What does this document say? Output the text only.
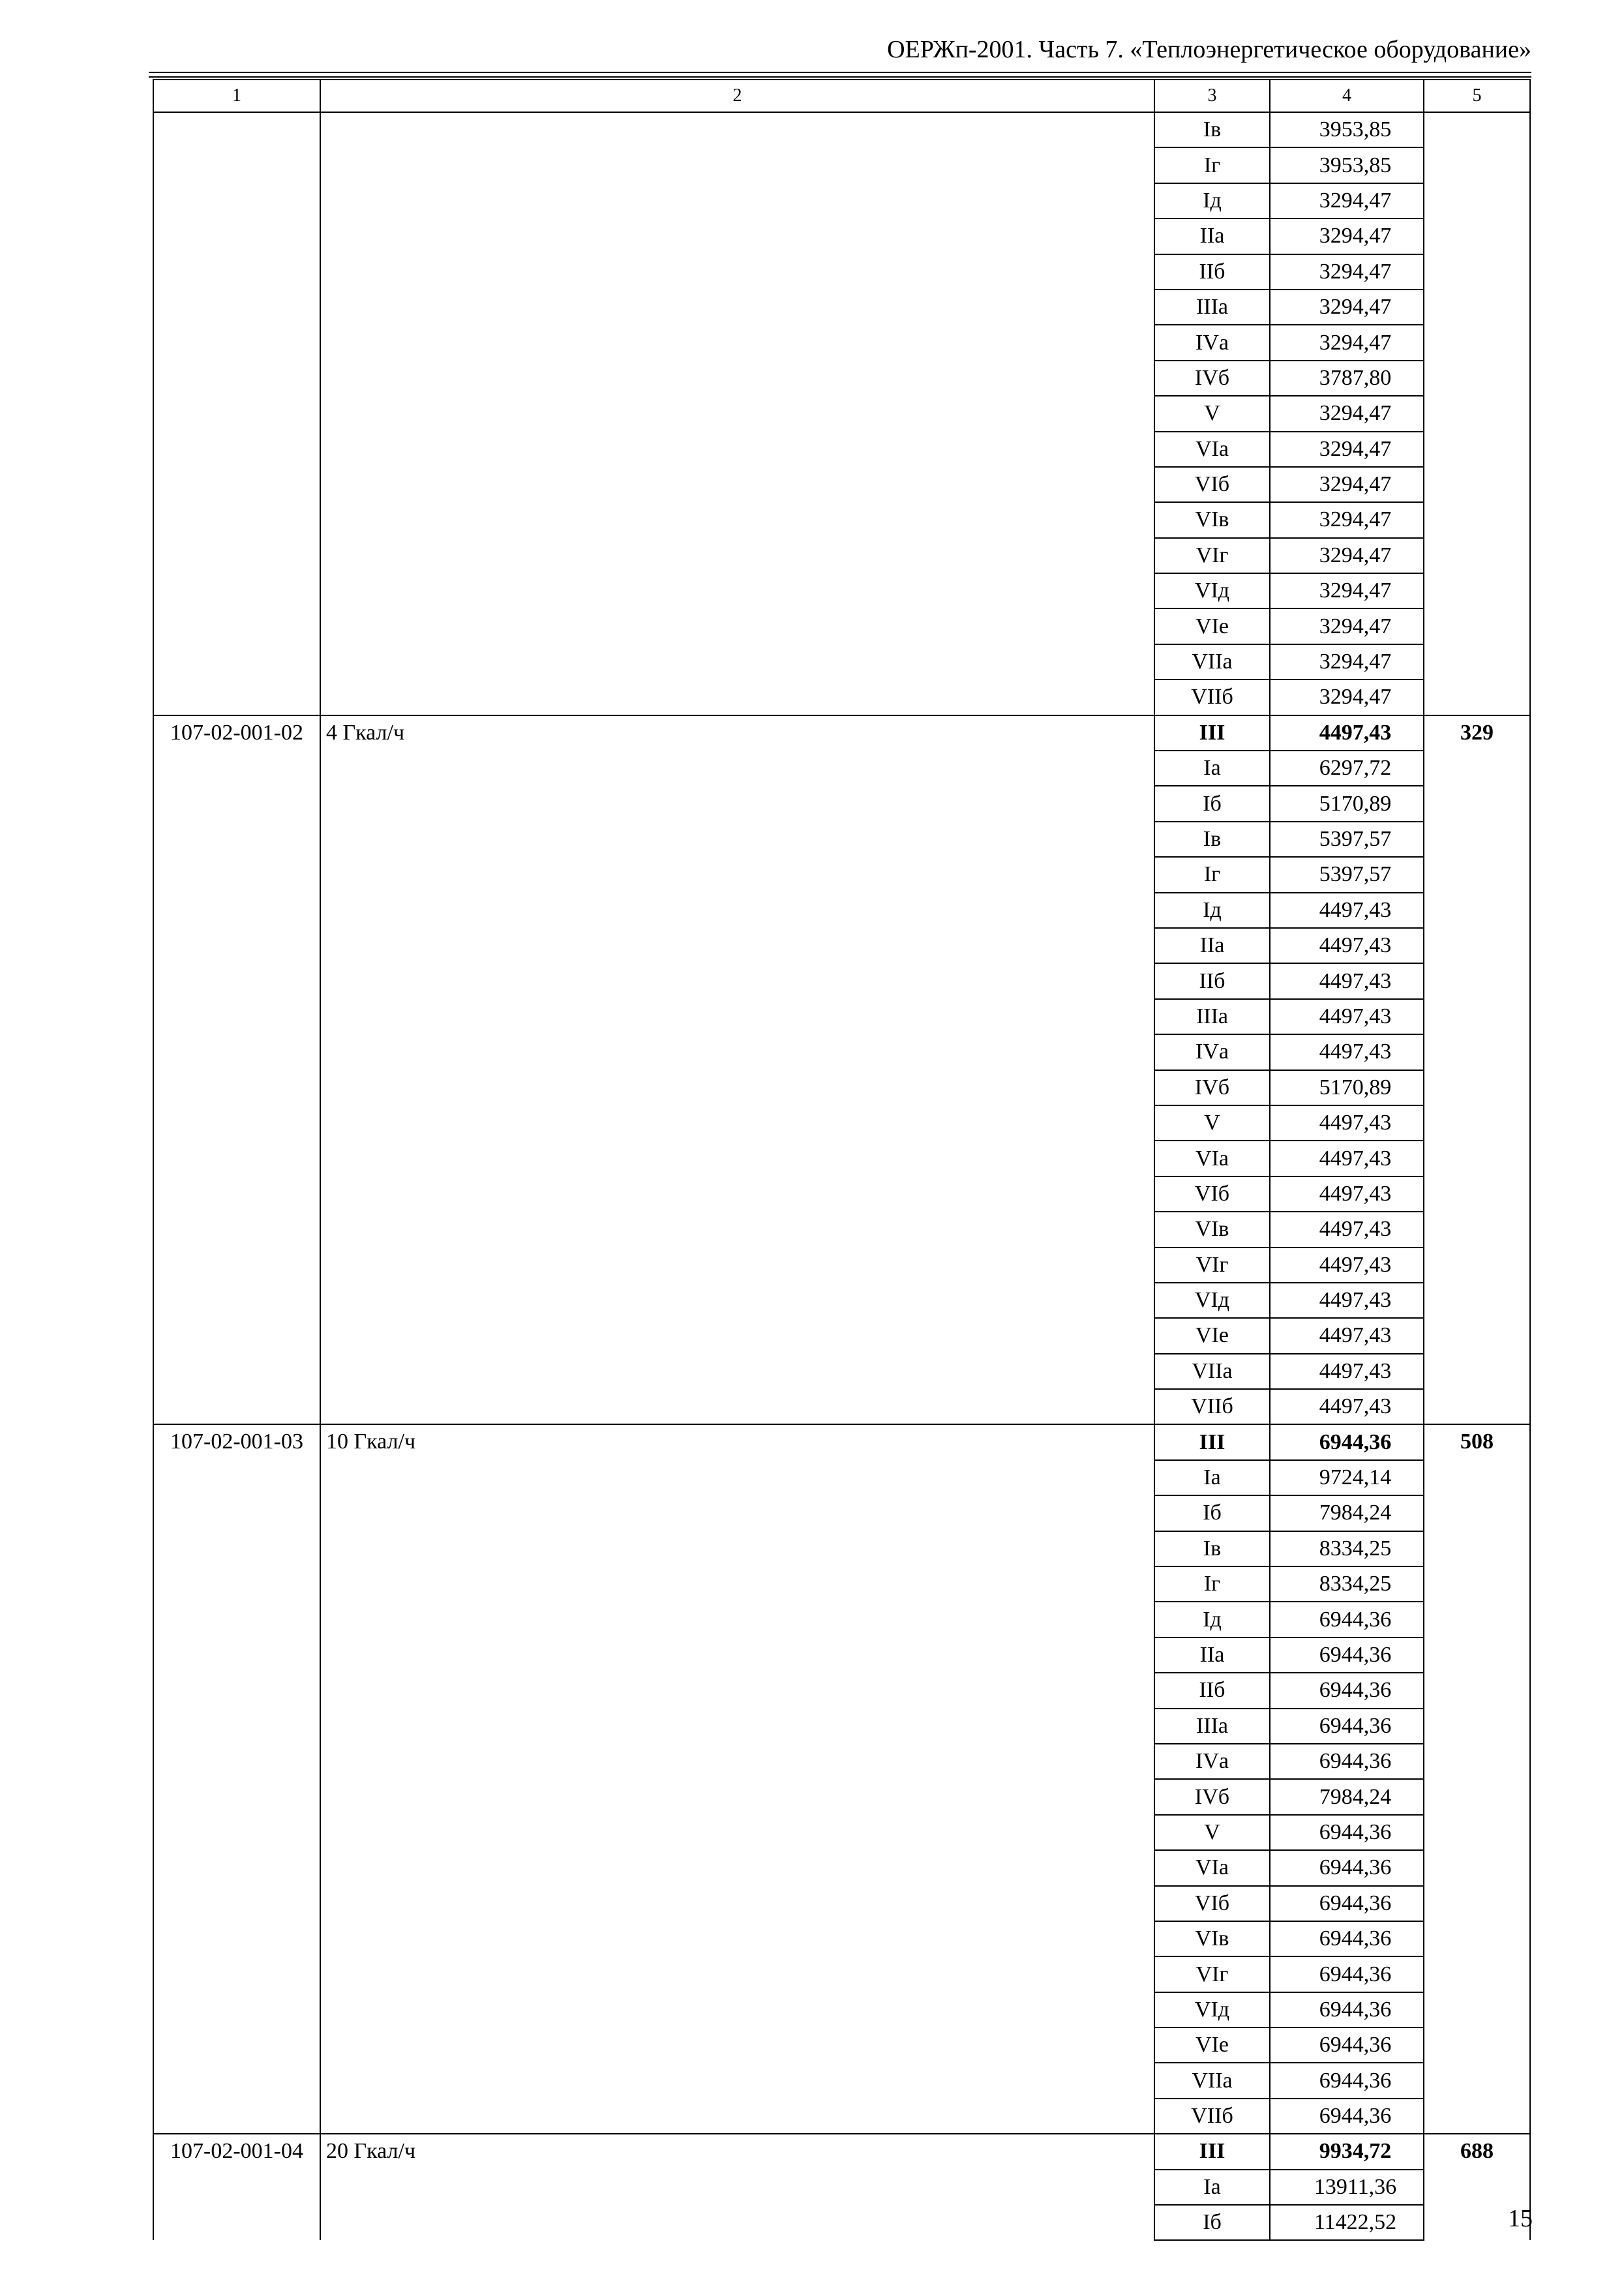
ОЕРЖп-2001. Часть 7. «Теплоэнергетическое оборудование»
1	2	3	4	5
		Iв	3953,85	
		Iг	3953,85	
		Iд	3294,47	
		IIа	3294,47	
		IIб	3294,47	
		IIIа	3294,47	
		IVа	3294,47	
		IVб	3787,80	
		V	3294,47	
		VIа	3294,47	
		VIб	3294,47	
		VIв	3294,47	
		VIг	3294,47	
		VIд	3294,47	
		VIе	3294,47	
		VIIа	3294,47	
		VIIб	3294,47	
107-02-001-02	4 Гкал/ч	III	4497,43	329
		Iа	6297,72	
		Iб	5170,89	
		Iв	5397,57	
		Iг	5397,57	
		Iд	4497,43	
		IIа	4497,43	
		IIб	4497,43	
		IIIа	4497,43	
		IVа	4497,43	
		IVб	5170,89	
		V	4497,43	
		VIа	4497,43	
		VIб	4497,43	
		VIв	4497,43	
		VIг	4497,43	
		VIд	4497,43	
		VIе	4497,43	
		VIIа	4497,43	
		VIIб	4497,43	
107-02-001-03	10 Гкал/ч	III	6944,36	508
		Iа	9724,14	
		Iб	7984,24	
		Iв	8334,25	
		Iг	8334,25	
		Iд	6944,36	
		IIа	6944,36	
		IIб	6944,36	
		IIIа	6944,36	
		IVа	6944,36	
		IVб	7984,24	
		V	6944,36	
		VIа	6944,36	
		VIб	6944,36	
		VIв	6944,36	
		VIг	6944,36	
		VIд	6944,36	
		VIе	6944,36	
		VIIа	6944,36	
		VIIб	6944,36	
107-02-001-04	20 Гкал/ч	III	9934,72	688
		Iа	13911,36	
		Iб	11422,52		15
